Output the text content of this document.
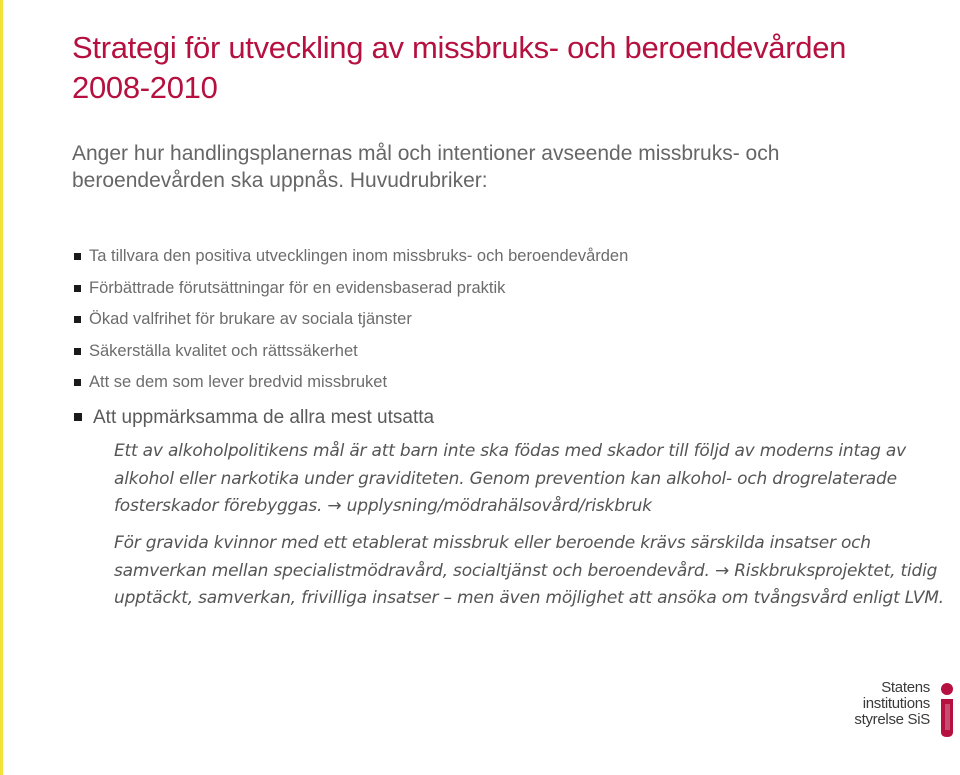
Strategi för utveckling av missbruks- och beroendevården
2008-2010
Anger hur handlingsplanernas mål och intentioner avseende missbruks- och
beroendevården ska uppnås. Huvudrubriker:
Ta tillvara den positiva utvecklingen inom missbruks- och beroendevården
Förbättrade förutsättningar för en evidensbaserad praktik
Ökad valfrihet för brukare av sociala tjänster
Säkerställa kvalitet och rättssäkerhet
Att se dem som lever bredvid missbruket
Att uppmärksamma de allra mest utsatta

Ett av alkoholpolitikens mål är att barn inte ska födas med skador till följd av moderns intag av alkohol eller narkotika under graviditeten. Genom prevention kan alkohol- och drogrelaterade fosterskador förebyggas. → upplysning/mödrahälsovård/riskbruk

För gravida kvinnor med ett etablerat missbruk eller beroende krävs särskilda insatser och samverkan mellan specialistmödravård, socialtjänst och beroendevård. → Riskbruksprojektet, tidig upptäckt, samverkan, frivilliga insatser – men även möjlighet att ansöka om tvångsvård enligt LVM.

Statens
institutions
styrelse SiS
